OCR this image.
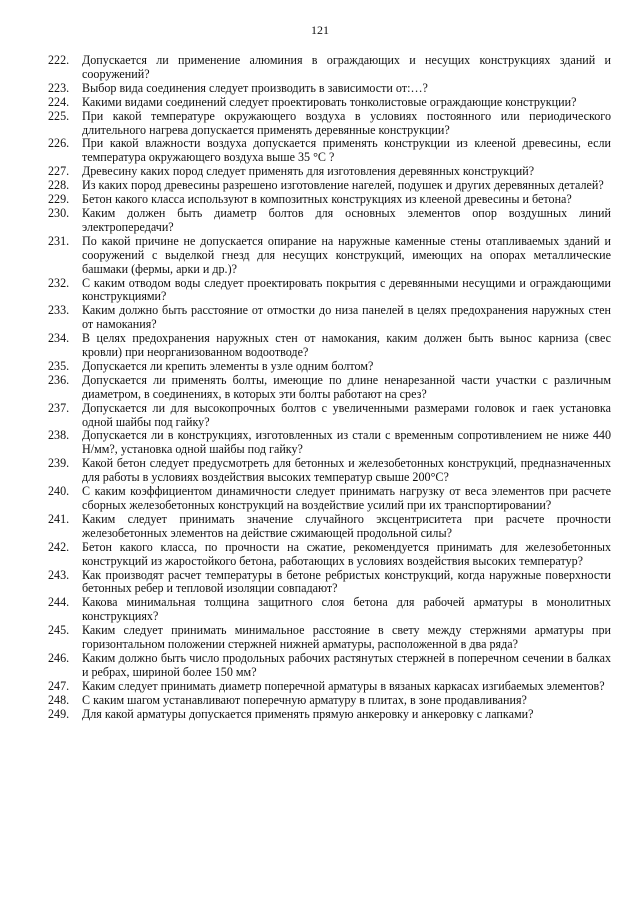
121
222.	Допускается ли применение алюминия в ограждающих и несущих конструкциях зданий и сооружений?
223.	Выбор вида соединения следует производить в зависимости от:…?
224.	Какими видами соединений следует проектировать тонколистовые ограждающие конструкции?
225.	При какой температуре окружающего воздуха в условиях постоянного или периодического длительного нагрева допускается применять деревянные конструкции?
226.	При какой влажности воздуха допускается применять конструкции из клееной древесины, если температура окружающего воздуха выше 35 °С ?
227.	Древесину каких пород следует применять для изготовления деревянных конструкций?
228.	Из каких пород древесины разрешено изготовление нагелей, подушек и других деревянных деталей?
229.	Бетон какого класса используют в композитных конструкциях из клееной древесины и бетона?
230.	Каким должен быть диаметр болтов для основных элементов опор воздушных линий электропередачи?
231.	По какой причине не допускается опирание на наружные каменные стены отапливаемых зданий и сооружений с выделкой гнезд для несущих конструкций, имеющих на опорах металлические башмаки (фермы, арки и др.)?
232.	С каким отводом воды следует проектировать покрытия с деревянными несущими и ограждающими конструкциями?
233.	Каким должно быть расстояние от отмостки до низа панелей в целях предохранения наружных стен от намокания?
234.	В целях предохранения наружных стен от намокания, каким должен быть вынос карниза (свес кровли) при неорганизованном водоотводе?
235.	Допускается ли крепить элементы в узле одним болтом?
236.	Допускается ли применять болты, имеющие по длине ненарезанной части участки с различным диаметром, в соединениях, в которых эти болты работают на срез?
237.	Допускается ли для высокопрочных болтов с увеличенными размерами головок и гаек установка одной шайбы под гайку?
238.	Допускается ли в конструкциях, изготовленных из стали с временным сопротивлением не ниже 440 Н/мм?, установка одной шайбы под гайку?
239.	Какой бетон следует предусмотреть для бетонных и железобетонных конструкций, предназначенных для работы в условиях воздействия высоких температур свыше 200°С?
240.	С каким коэффициентом динамичности следует принимать нагрузку от веса элементов при расчете сборных железобетонных конструкций на воздействие усилий при их транспортировании?
241.	Каким следует принимать значение случайного эксцентриситета при расчете прочности железобетонных элементов на действие сжимающей продольной силы?
242.	Бетон какого класса, по прочности на сжатие, рекомендуется принимать для железобетонных конструкций из жаростойкого бетона, работающих в условиях воздействия высоких температур?
243.	Как производят расчет температуры в бетоне ребристых конструкций, когда наружные поверхности бетонных ребер и тепловой изоляции совпадают?
244.	Какова минимальная толщина защитного слоя бетона для рабочей арматуры в монолитных конструкциях?
245.	Каким следует принимать минимальное расстояние в свету между стержнями арматуры при горизонтальном положении стержней нижней арматуры, расположенной в два ряда?
246.	Каким должно быть число продольных рабочих растянутых стержней в поперечном сечении в балках и ребрах, шириной более 150 мм?
247.	Каким следует принимать диаметр поперечной арматуры в вязаных каркасах изгибаемых элементов?
248.	С каким шагом устанавливают поперечную арматуру в плитах, в зоне продавливания?
249.	Для какой арматуры допускается применять прямую анкеровку и анкеровку с лапками?
